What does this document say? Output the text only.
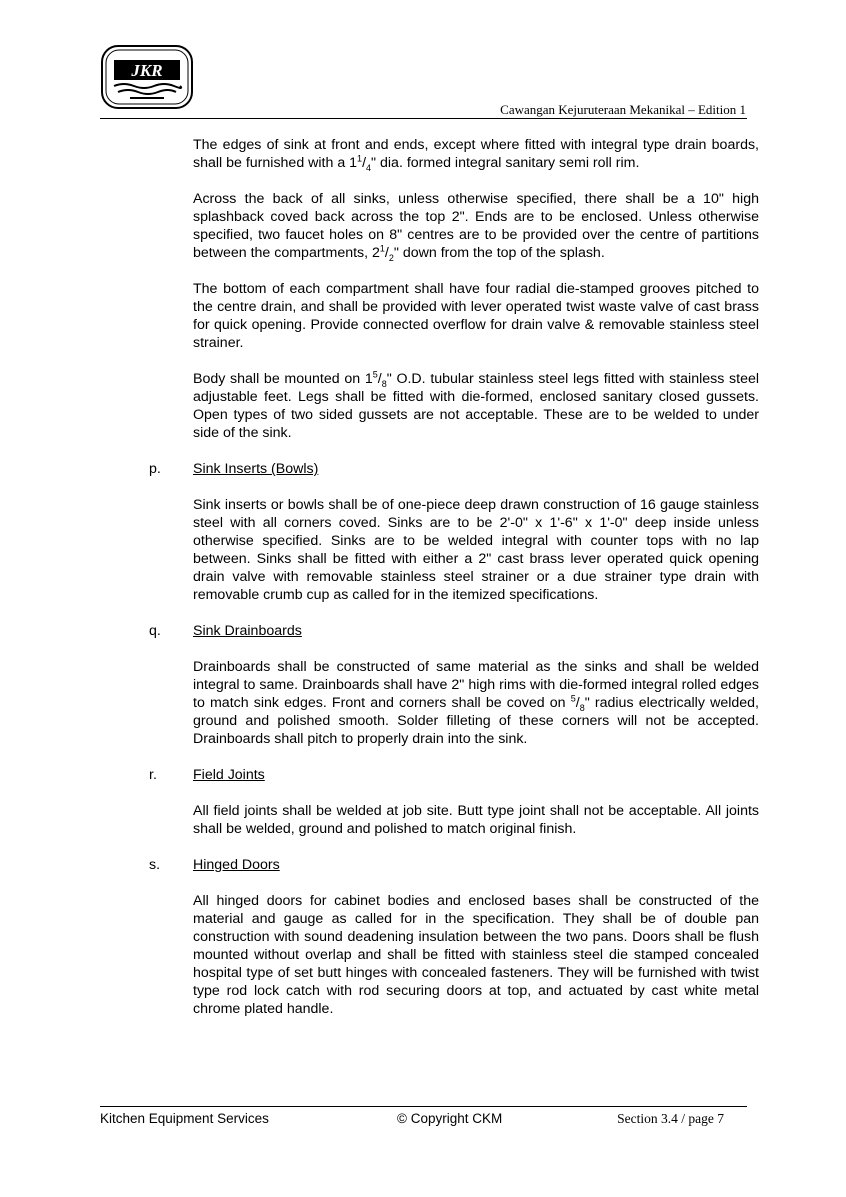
JKR
Cawangan Kejuruteraan Mekanikal – Edition 1

The edges of sink at front and ends, except where fitted with integral type drain boards, shall be furnished with a $1^1/_4$" dia. formed integral sanitary semi roll rim.

Across the back of all sinks, unless otherwise specified, there shall be a 10" high splashback coved back across the top 2". Ends are to be enclosed. Unless otherwise specified, two faucet holes on 8" centres are to be provided over the centre of partitions between the compartments, $2^1/_2$" down from the top of the splash.

The bottom of each compartment shall have four radial die-stamped grooves pitched to the centre drain, and shall be provided with lever operated twist waste valve of cast brass for quick opening. Provide connected overflow for drain valve & removable stainless steel strainer.

Body shall be mounted on $1^5/_8$" O.D. tubular stainless steel legs fitted with stainless steel adjustable feet. Legs shall be fitted with die-formed, enclosed sanitary closed gussets. Open types of two sided gussets are not acceptable. These are to be welded to under side of the sink.

p. Sink Inserts (Bowls)

Sink inserts or bowls shall be of one-piece deep drawn construction of 16 gauge stainless steel with all corners coved. Sinks are to be 2'-0" x 1'-6" x 1'-0" deep inside unless otherwise specified. Sinks are to be welded integral with counter tops with no lap between. Sinks shall be fitted with either a 2" cast brass lever operated quick opening drain valve with removable stainless steel strainer or a due strainer type drain with removable crumb cup as called for in the itemized specifications.

q. Sink Drainboards

Drainboards shall be constructed of same material as the sinks and shall be welded integral to same. Drainboards shall have 2" high rims with die-formed integral rolled edges to match sink edges. Front and corners shall be coved on $^5/_8$" radius electrically welded, ground and polished smooth. Solder filleting of these corners will not be accepted. Drainboards shall pitch to properly drain into the sink.

r.	Field Joints

All field joints shall be welded at job site. Butt type joint shall not be acceptable. All joints shall be welded, ground and polished to match original finish.

s. Hinged Doors

All hinged doors for cabinet bodies and enclosed bases shall be constructed of the material and gauge as called for in the specification. They shall be of double pan construction with sound deadening insulation between the two pans. Doors shall be flush mounted without overlap and shall be fitted with stainless steel die stamped concealed hospital type of set butt hinges with concealed fasteners. They will be furnished with twist type rod lock catch with rod securing doors at top, and actuated by cast white metal chrome plated handle.

Kitchen Equipment Services	© Copyright CKM	Section 3.4 / page 7
